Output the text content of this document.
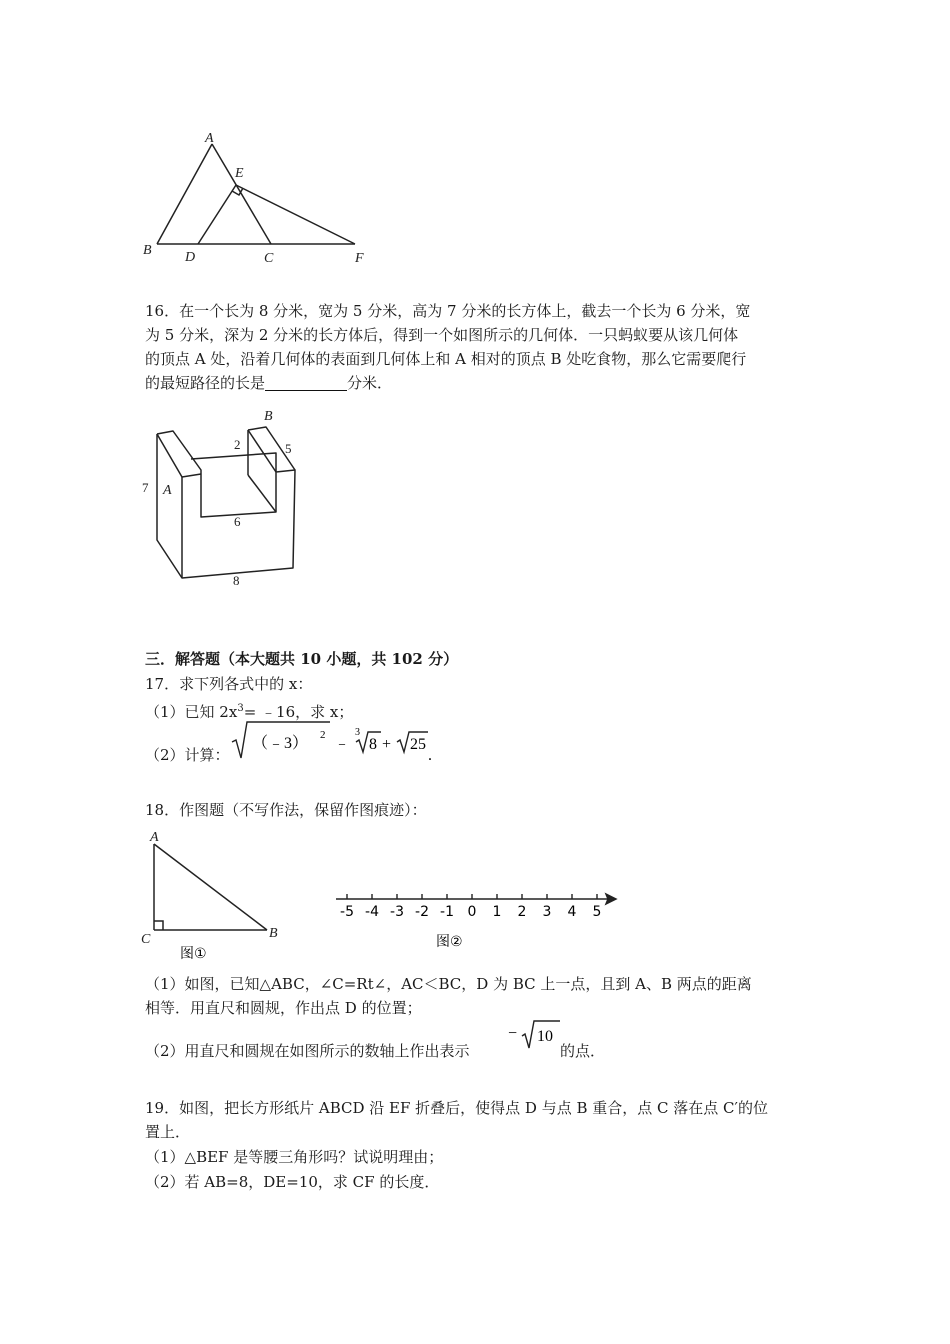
A
E
B D	C	F
16．在一个长为 8 分米，宽为 5 分米，高为 7 分米的长方体上，截去一个长为 6 分米，宽
为 5 分米，深为 2 分米的长方体后，得到一个如图所示的几何体．一只蚂蚁要从该几何体
的顶点 A 处，沿着几何体的表面到几何体上和 A 相对的顶点 B 处吃食物，那么它需要爬行
的最短路径的长是	分米．
B
2	5
7 A
6
8
三．解答题（本大题共 10 小题，共 102 分）
17．求下列各式中的 x：
（1）已知 $2x^3=$ ﹣16，求 x；
（2）计算：
（﹣3） 2 ﹣
3
8 + 25
.
18．作图题（不写作法，保留作图痕迹）：
A
C	B
图①
-5 -4 -3 -2 -1 0 1 2 3 4 5
图②
（1）如图，已知△ABC，∠C=Rt∠，AC＜BC，D 为 BC 上一点，且到 A、B 两点的距离
相等．用直尺和圆规，作出点 D 的位置；
（2）用直尺和圆规在如图所示的数轴上作出表示
− 10
的点．
19．如图，把长方形纸片 ABCD 沿 EF 折叠后，使得点 D 与点 B 重合，点 C 落在点 C′的位
置上．
（1）△BEF 是等腰三角形吗？试说明理由；
（2）若 AB=8，DE=10，求 CF 的长度．
